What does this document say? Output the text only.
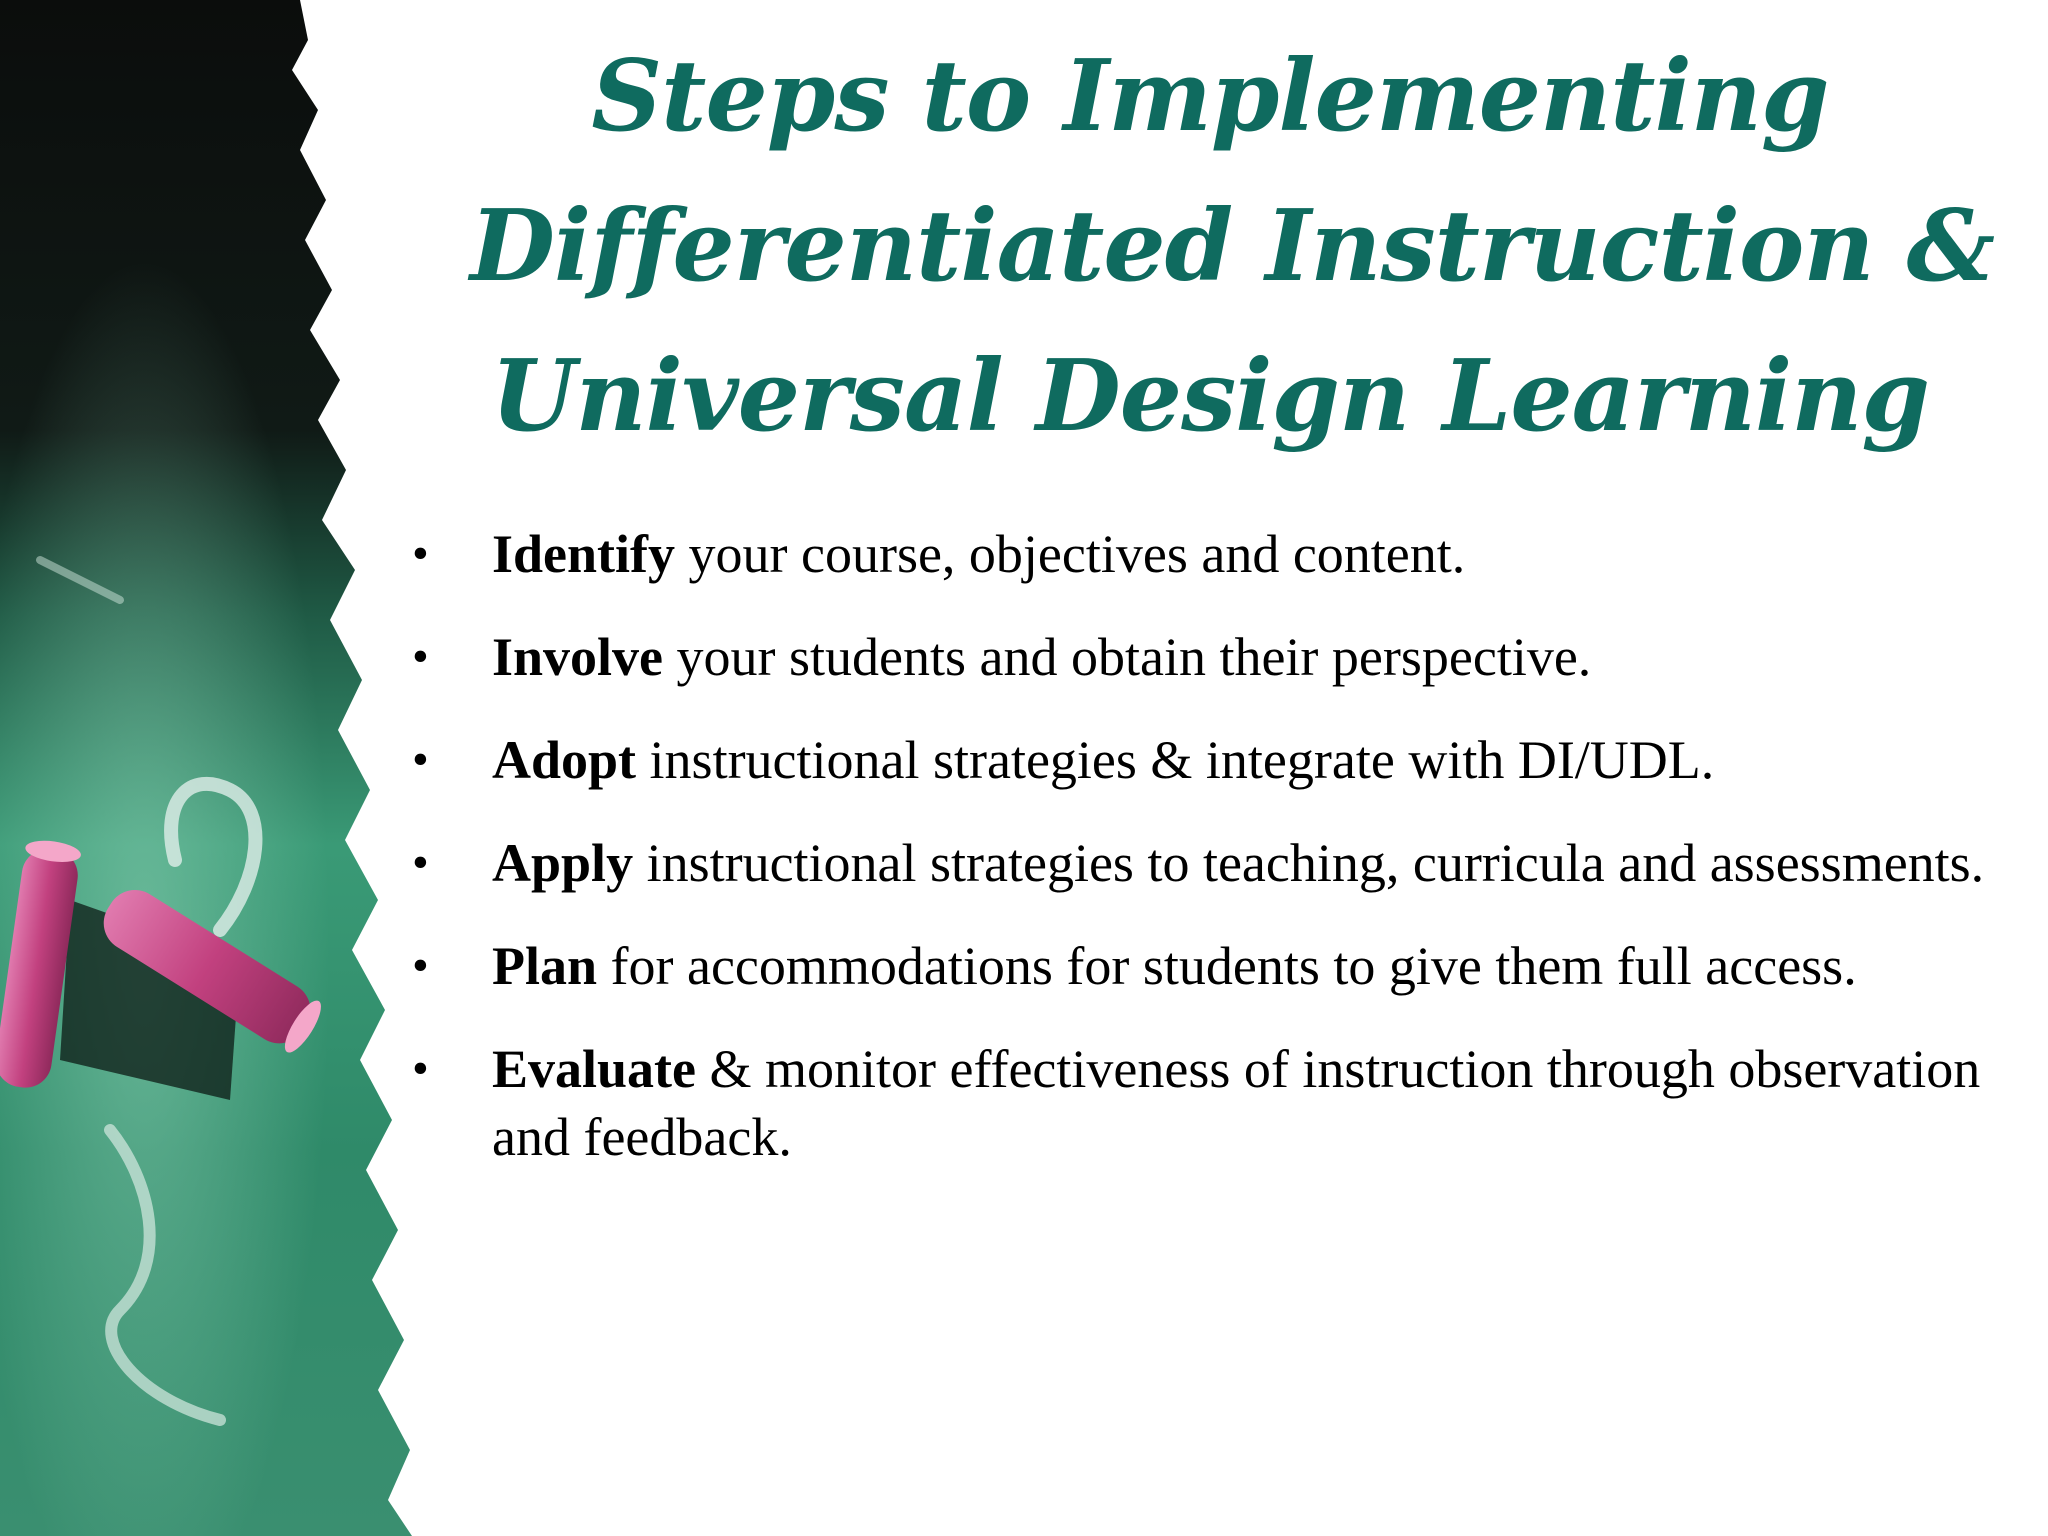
Steps to Implementing
Differentiated Instruction &
Universal Design Learning
•	Identify your course, objectives and content.
•	Involve your students and obtain their perspective.
•	Adopt instructional strategies & integrate with DI/UDL.
•	Apply instructional strategies to teaching, curricula and assessments.
•	Plan for accommodations for students to give them full access.
•	Evaluate & monitor effectiveness of instruction through observation and feedback.
